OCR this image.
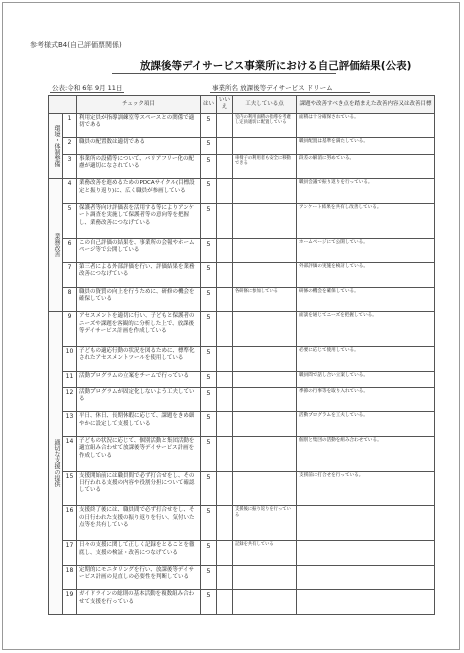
参考様式B4(自己評価票関係)
放課後等デイサービス事業所における自己評価結果(公表)
公表:令和 6年 9月 11日	事業所名 放課後等デイサービス ドリーム
		チェック項目	はい	いいえ	工夫している点	課題や改善すべき点を踏まえた改善内容又は改善目標
環境・体制整備	1	利用定員が指導訓練室等スペースとの関係で適切である	5		室内の利用面積の指導を考慮し定員適切に配置している	面積は十分確保されている。
	2	職員の配置数は適切である	5			職員配置は基準を満たしている。
	3	事業所の設備等について、バリアフリー化の配慮が適切になされている	5		車椅子の利用者も安全に移動できる	段差の解消に努めている。
業務改善	4	業務改善を進めるためのPDCAサイクル(目標設定と振り返り)に、広く職員が参画している	5			職員会議で振り返りを行っている。
	5	保護者等向け評価表を活用する等によりアンケート調査を実施して保護者等の意向等を把握し、業務改善につなげている	5			アンケート結果を共有し改善している。
	6	この自己評価の結果を、事業所の会報やホームページ等で公開している	5			ホームページにて公開している。
	7	第三者による外部評価を行い、評価結果を業務改善につなげている	5			外部評価の実施を検討している。
	8	職員の資質の向上を行うために、研修の機会を確保している	5		各研修に参加している	研修の機会を確保している。
適切な支援の提供	9	アセスメントを適切に行い、子どもと保護者のニーズや課題を客観的に分析した上で、放課後等デイサービス計画を作成している	5			面談を通じてニーズを把握している。
	10	子どもの適応行動の状況を図るために、標準化されたアセスメントツールを使用している	5			必要に応じて使用している。
	11	活動プログラムの立案をチームで行っている	5			職員間で話し合い立案している。
	12	活動プログラムが固定化しないよう工夫している	5			季節の行事等を取り入れている。
	13	平日、休日、長期休暇に応じて、課題をきめ細やかに設定して支援している	5			活動プログラムを工夫している。
	14	子どもの状況に応じて、個別活動と集団活動を適宜組み合わせて放課後等デイサービス計画を作成している	5			個別と集団の活動を組み合わせている。
	15	支援開始前には職員間で必ず打合せをし、その日行われる支援の内容や役割分担について確認している	5			支援前に打合せを行っている。
	16	支援終了後には、職員間で必ず打合せをし、その日行われた支援の振り返りを行い、気付いた点等を共有している	5		支援後に振り返りを行っている	
	17	日々の支援に関して正しく記録をとることを徹底し、支援の検証・改善につなげている	5		記録を共有している	
	18	定期的にモニタリングを行い、放課後等デイサービス計画の見直しの必要性を判断している	5			
	19	ガイドラインの総則の基本活動を複数組み合わせて支援を行っている	5			
